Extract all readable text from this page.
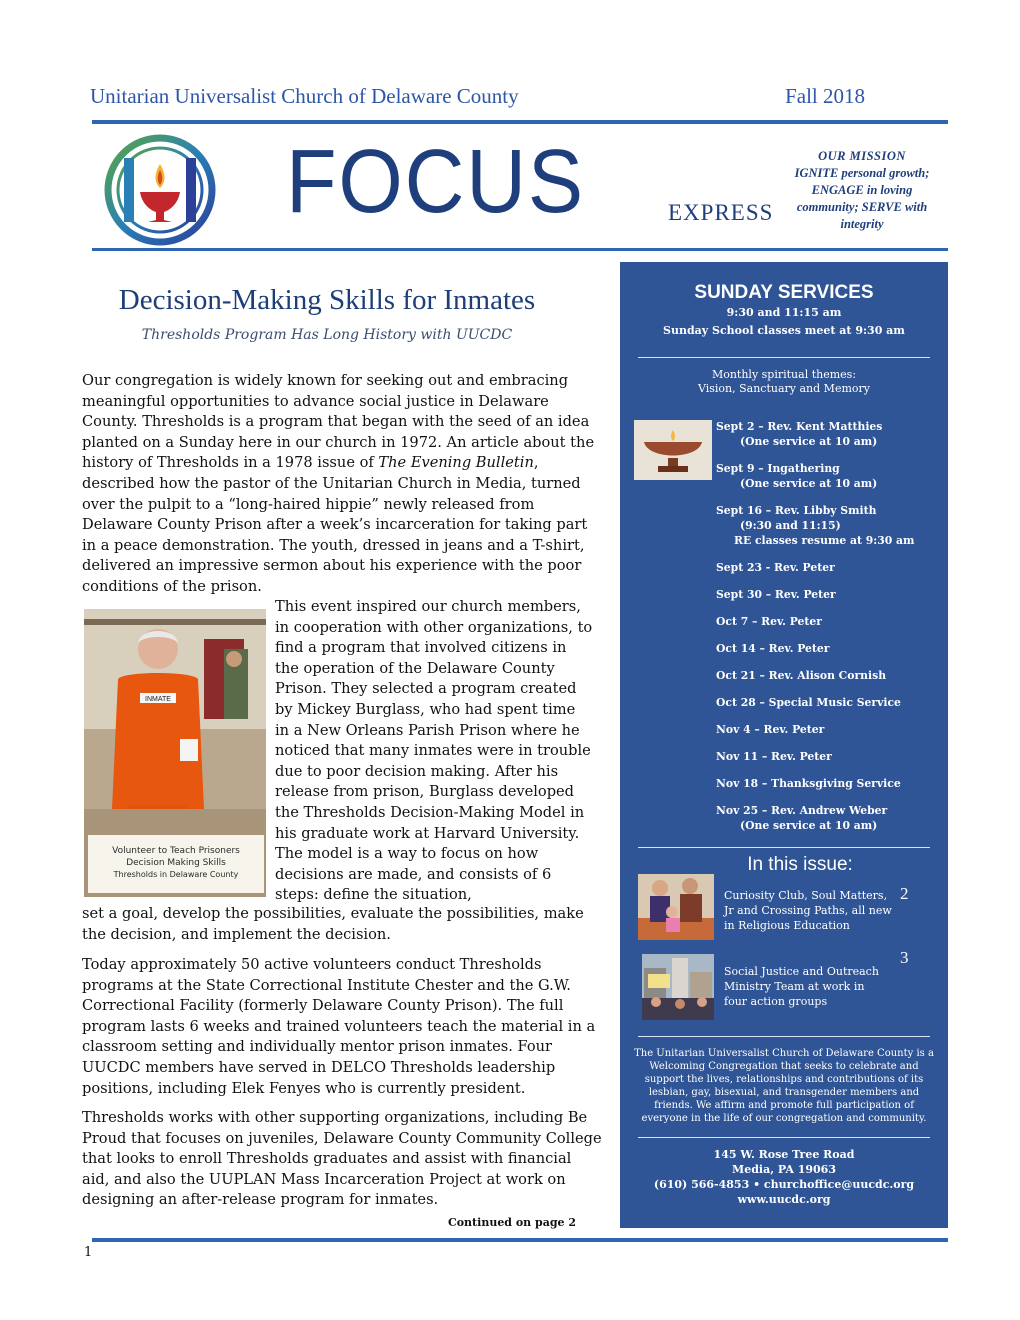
Unitarian Universalist Church of Delaware County	Fall 2018
FOCUS	EXPRESS
OUR MISSION
IGNITE personal growth;
ENGAGE in loving
community; SERVE with
integrity
Decision-Making Skills for Inmates
Thresholds Program Has Long History with UUCDC
Our congregation is widely known for seeking out and embracing meaningful opportunities to advance social justice in Delaware County. Thresholds is a program that began with the seed of an idea planted on a Sunday here in our church in 1972. An article about the history of Thresholds in a 1978 issue of The Evening Bulletin, described how the pastor of the Unitarian Church in Media, turned over the pulpit to a “long-haired hippie” newly released from Delaware County Prison after a week’s incarceration for taking part in a peace demonstration. The youth, dressed in jeans and a T-shirt, delivered an impressive sermon about his experience with the poor conditions of the prison.
INMATE
Volunteer to Teach Prisoners
Decision Making Skills
Thresholds in Delaware County
This event inspired our church members, in cooperation with other organizations, to find a program that involved citizens in the operation of the Delaware County Prison. They selected a program created by Mickey Burglass, who had spent time in a New Orleans Parish Prison where he noticed that many inmates were in trouble due to poor decision making. After his release from prison, Burglass developed the Thresholds Decision-Making Model in his graduate work at Harvard University. The model is a way to focus on how decisions are made, and consists of 6 steps: define the situation,
set a goal, develop the possibilities, evaluate the possibilities, make the decision, and implement the decision.
Today approximately 50 active volunteers conduct Thresholds programs at the State Correctional Institute Chester and the G.W. Correctional Facility (formerly Delaware County Prison). The full program lasts 6 weeks and trained volunteers teach the material in a classroom setting and individually mentor prison inmates. Four UUCDC members have served in DELCO Thresholds leadership positions, including Elek Fenyes who is currently president.
Thresholds works with other supporting organizations, including Be Proud that focuses on juveniles, Delaware County Community College that looks to enroll Thresholds graduates and assist with financial aid, and also the UUPLAN Mass Incarceration Project at work on designing an after-release program for inmates.
Continued on page 2
SUNDAY SERVICES
9:30 and 11:15 am
Sunday School classes meet at 9:30 am
Monthly spiritual themes:
Vision, Sanctuary and Memory
Sept 2 – Rev. Kent Matthies
(One service at 10 am)
Sept 9 – Ingathering
(One service at 10 am)
Sept 16 – Rev. Libby Smith
(9:30 and 11:15)
RE classes resume at 9:30 am
Sept 23 - Rev. Peter
Sept 30 – Rev. Peter
Oct 7 – Rev. Peter
Oct 14 – Rev. Peter
Oct 21 – Rev. Alison Cornish
Oct 28 – Special Music Service
Nov 4 – Rev. Peter
Nov 11 – Rev. Peter
Nov 18 – Thanksgiving Service
Nov 25 – Rev. Andrew Weber
(One service at 10 am)
In this issue:
Curiosity Club, Soul Matters, Jr and Crossing Paths, all new in Religious Education
2
Social Justice and Outreach Ministry Team at work in four action groups
3
The Unitarian Universalist Church of Delaware County is a Welcoming Congregation that seeks to celebrate and support the lives, relationships and contributions of its lesbian, gay, bisexual, and transgender members and friends. We affirm and promote full participation of everyone in the life of our congregation and community.
145 W. Rose Tree Road
Media, PA 19063
(610) 566-4853 • churchoffice@uucdc.org
www.uucdc.org
1
